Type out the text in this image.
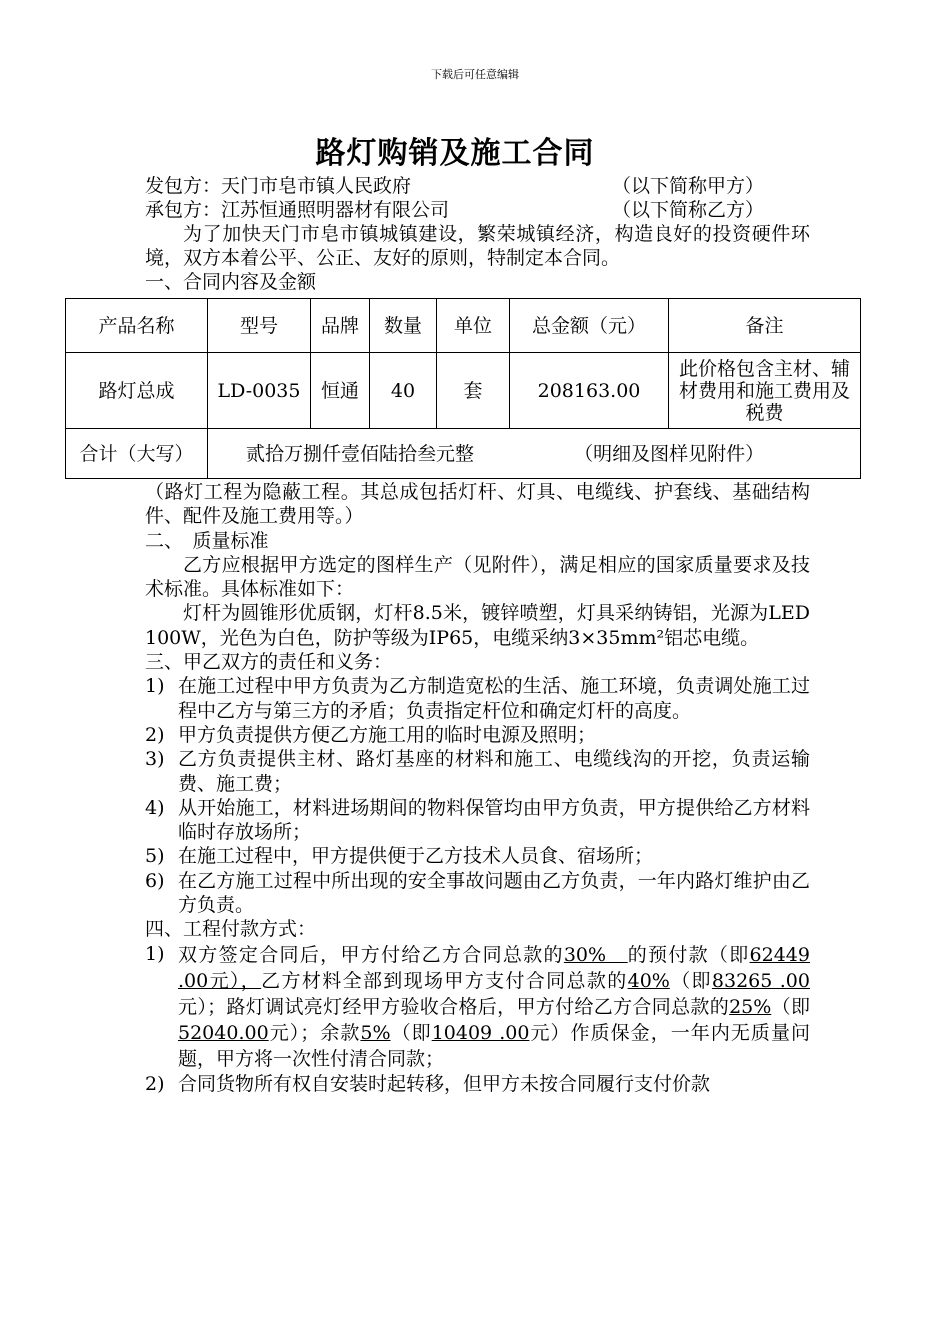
下载后可任意编辑
路灯购销及施工合同
发包方：天门市皂市镇人民政府	（以下简称甲方）
承包方：江苏恒通照明器材有限公司	（以下简称乙方）

为了加快天门市皂市镇城镇建设，繁荣城镇经济，构造良好的投资硬件环境，双方本着公平、公正、友好的原则，特制定本合同。

一、合同内容及金额

产品名称	型号	品牌	数量	单位	总金额（元）	备注
路灯总成	LD-0035	恒通	40	套	208163.00	此价格包含主材、辅材费用和施工费用及税费
合计（大写）	贰拾万捌仟壹佰陆拾叁元整 （明细及图样见附件）					

（路灯工程为隐蔽工程。其总成包括灯杆、灯具、电缆线、护套线、基础结构件、配件及施工费用等。）

二、　质量标准

乙方应根据甲方选定的图样生产（见附件），满足相应的国家质量要求及技术标准。具体标准如下：

灯杆为圆锥形优质钢，灯杆8.5米，镀锌喷塑，灯具采纳铸铝，光源为LED 100W，光色为白色，防护等级为IP65，电缆采纳3×35mm²铝芯电缆。

三、甲乙双方的责任和义务：

1) 在施工过程中甲方负责为乙方制造宽松的生活、施工环境，负责调处施工过程中乙方与第三方的矛盾；负责指定杆位和确定灯杆的高度。
2) 甲方负责提供方便乙方施工用的临时电源及照明；
3) 乙方负责提供主材、路灯基座的材料和施工、电缆线沟的开挖，负责运输费、施工费；
4) 从开始施工，材料进场期间的物料保管均由甲方负责，甲方提供给乙方材料临时存放场所；
5) 在施工过程中，甲方提供便于乙方技术人员食、宿场所；
6) 在乙方施工过程中所出现的安全事故问题由乙方负责，一年内路灯维护由乙方负责。

四、工程付款方式：

1) 双方签定合同后，甲方付给乙方合同总款的30%　的预付款（即62449 .00元），乙方材料全部到现场甲方支付合同总款的40%（即83265 .00元）；路灯调试亮灯经甲方验收合格后，甲方付给乙方合同总款的25%（即52040.00元）；余款5%（即10409 .00元）作质保金，一年内无质量问题，甲方将一次性付清合同款；
2) 合同货物所有权自安装时起转移，但甲方未按合同履行支付价款
